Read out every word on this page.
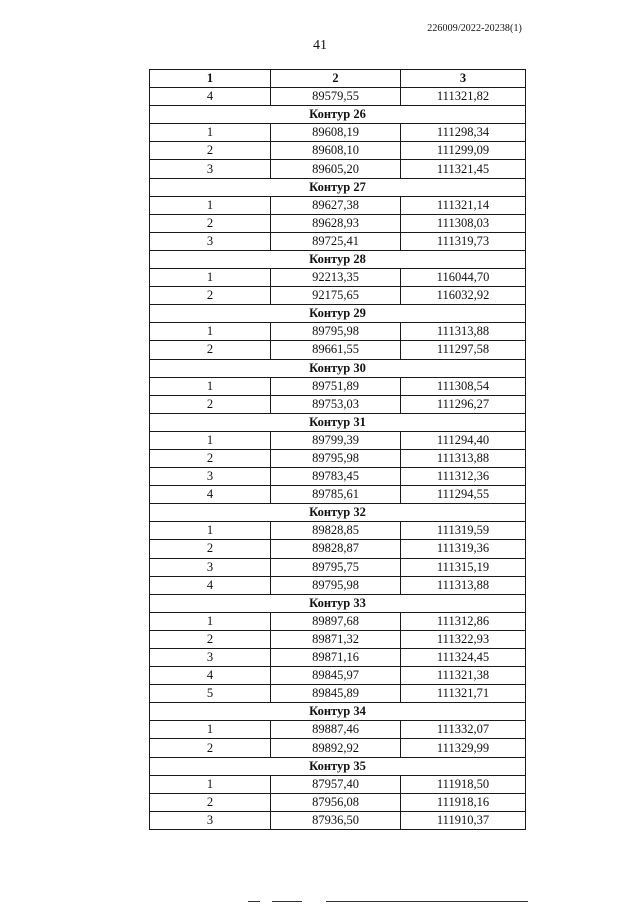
226009/2022-20238(1)
41
1	2	3
4	89579,55	111321,82
Контур 26		
1	89608,19	111298,34
2	89608,10	111299,09
3	89605,20	111321,45
Контур 27		
1	89627,38	111321,14
2	89628,93	111308,03
3	89725,41	111319,73
Контур 28		
1	92213,35	116044,70
2	92175,65	116032,92
Контур 29		
1	89795,98	111313,88
2	89661,55	111297,58
Контур 30		
1	89751,89	111308,54
2	89753,03	111296,27
Контур 31		
1	89799,39	111294,40
2	89795,98	111313,88
3	89783,45	111312,36
4	89785,61	111294,55
Контур 32		
1	89828,85	111319,59
2	89828,87	111319,36
3	89795,75	111315,19
4	89795,98	111313,88
Контур 33		
1	89897,68	111312,86
2	89871,32	111322,93
3	89871,16	111324,45
4	89845,97	111321,38
5	89845,89	111321,71
Контур 34		
1	89887,46	111332,07
2	89892,92	111329,99
Контур 35		
1	87957,40	111918,50
2	87956,08	111918,16
3	87936,50	111910,37
